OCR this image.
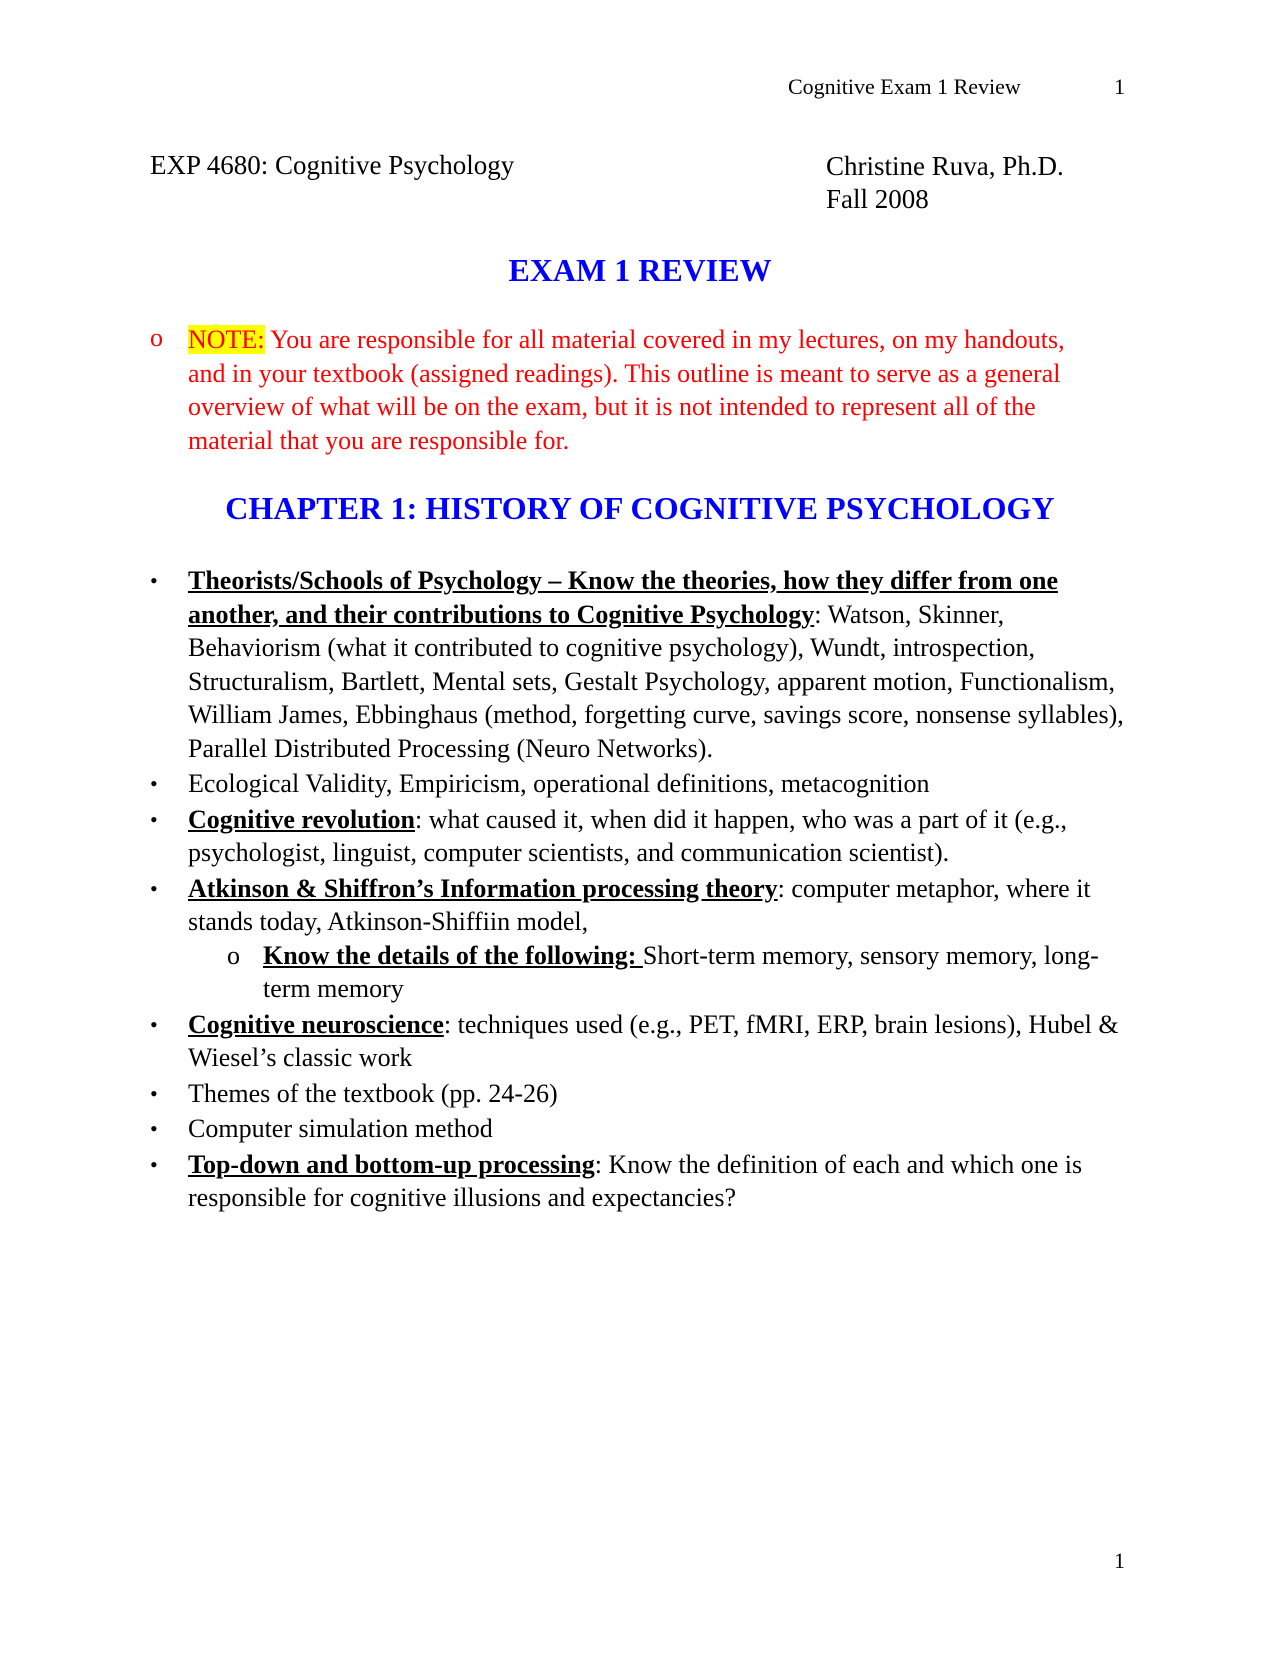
Cognitive Exam 1 Review	1
EXP 4680: Cognitive Psychology	Christine Ruva, Ph.D.
Fall 2008
EXAM 1 REVIEW
o NOTE: You are responsible for all material covered in my lectures, on my handouts, and in your textbook (assigned readings). This outline is meant to serve as a general overview of what will be on the exam, but it is not intended to represent all of the material that you are responsible for.
CHAPTER 1: HISTORY OF COGNITIVE PSYCHOLOGY
• Theorists/Schools of Psychology – Know the theories, how they differ from one another, and their contributions to Cognitive Psychology: Watson, Skinner, Behaviorism (what it contributed to cognitive psychology), Wundt, introspection, Structuralism, Bartlett, Mental sets, Gestalt Psychology, apparent motion, Functionalism, William James, Ebbinghaus (method, forgetting curve, savings score, nonsense syllables), Parallel Distributed Processing (Neuro Networks).
• Ecological Validity, Empiricism, operational definitions, metacognition
• Cognitive revolution: what caused it, when did it happen, who was a part of it (e.g., psychologist, linguist, computer scientists, and communication scientist).
• Atkinson & Shiffron’s Information processing theory: computer metaphor, where it stands today, Atkinson-Shiffiin model,
o Know the details of the following: Short-term memory, sensory memory, long-term memory
• Cognitive neuroscience: techniques used (e.g., PET, fMRI, ERP, brain lesions), Hubel & Wiesel’s classic work
• Themes of the textbook (pp. 24-26)
• Computer simulation method
• Top-down and bottom-up processing: Know the definition of each and which one is responsible for cognitive illusions and expectancies?
1
